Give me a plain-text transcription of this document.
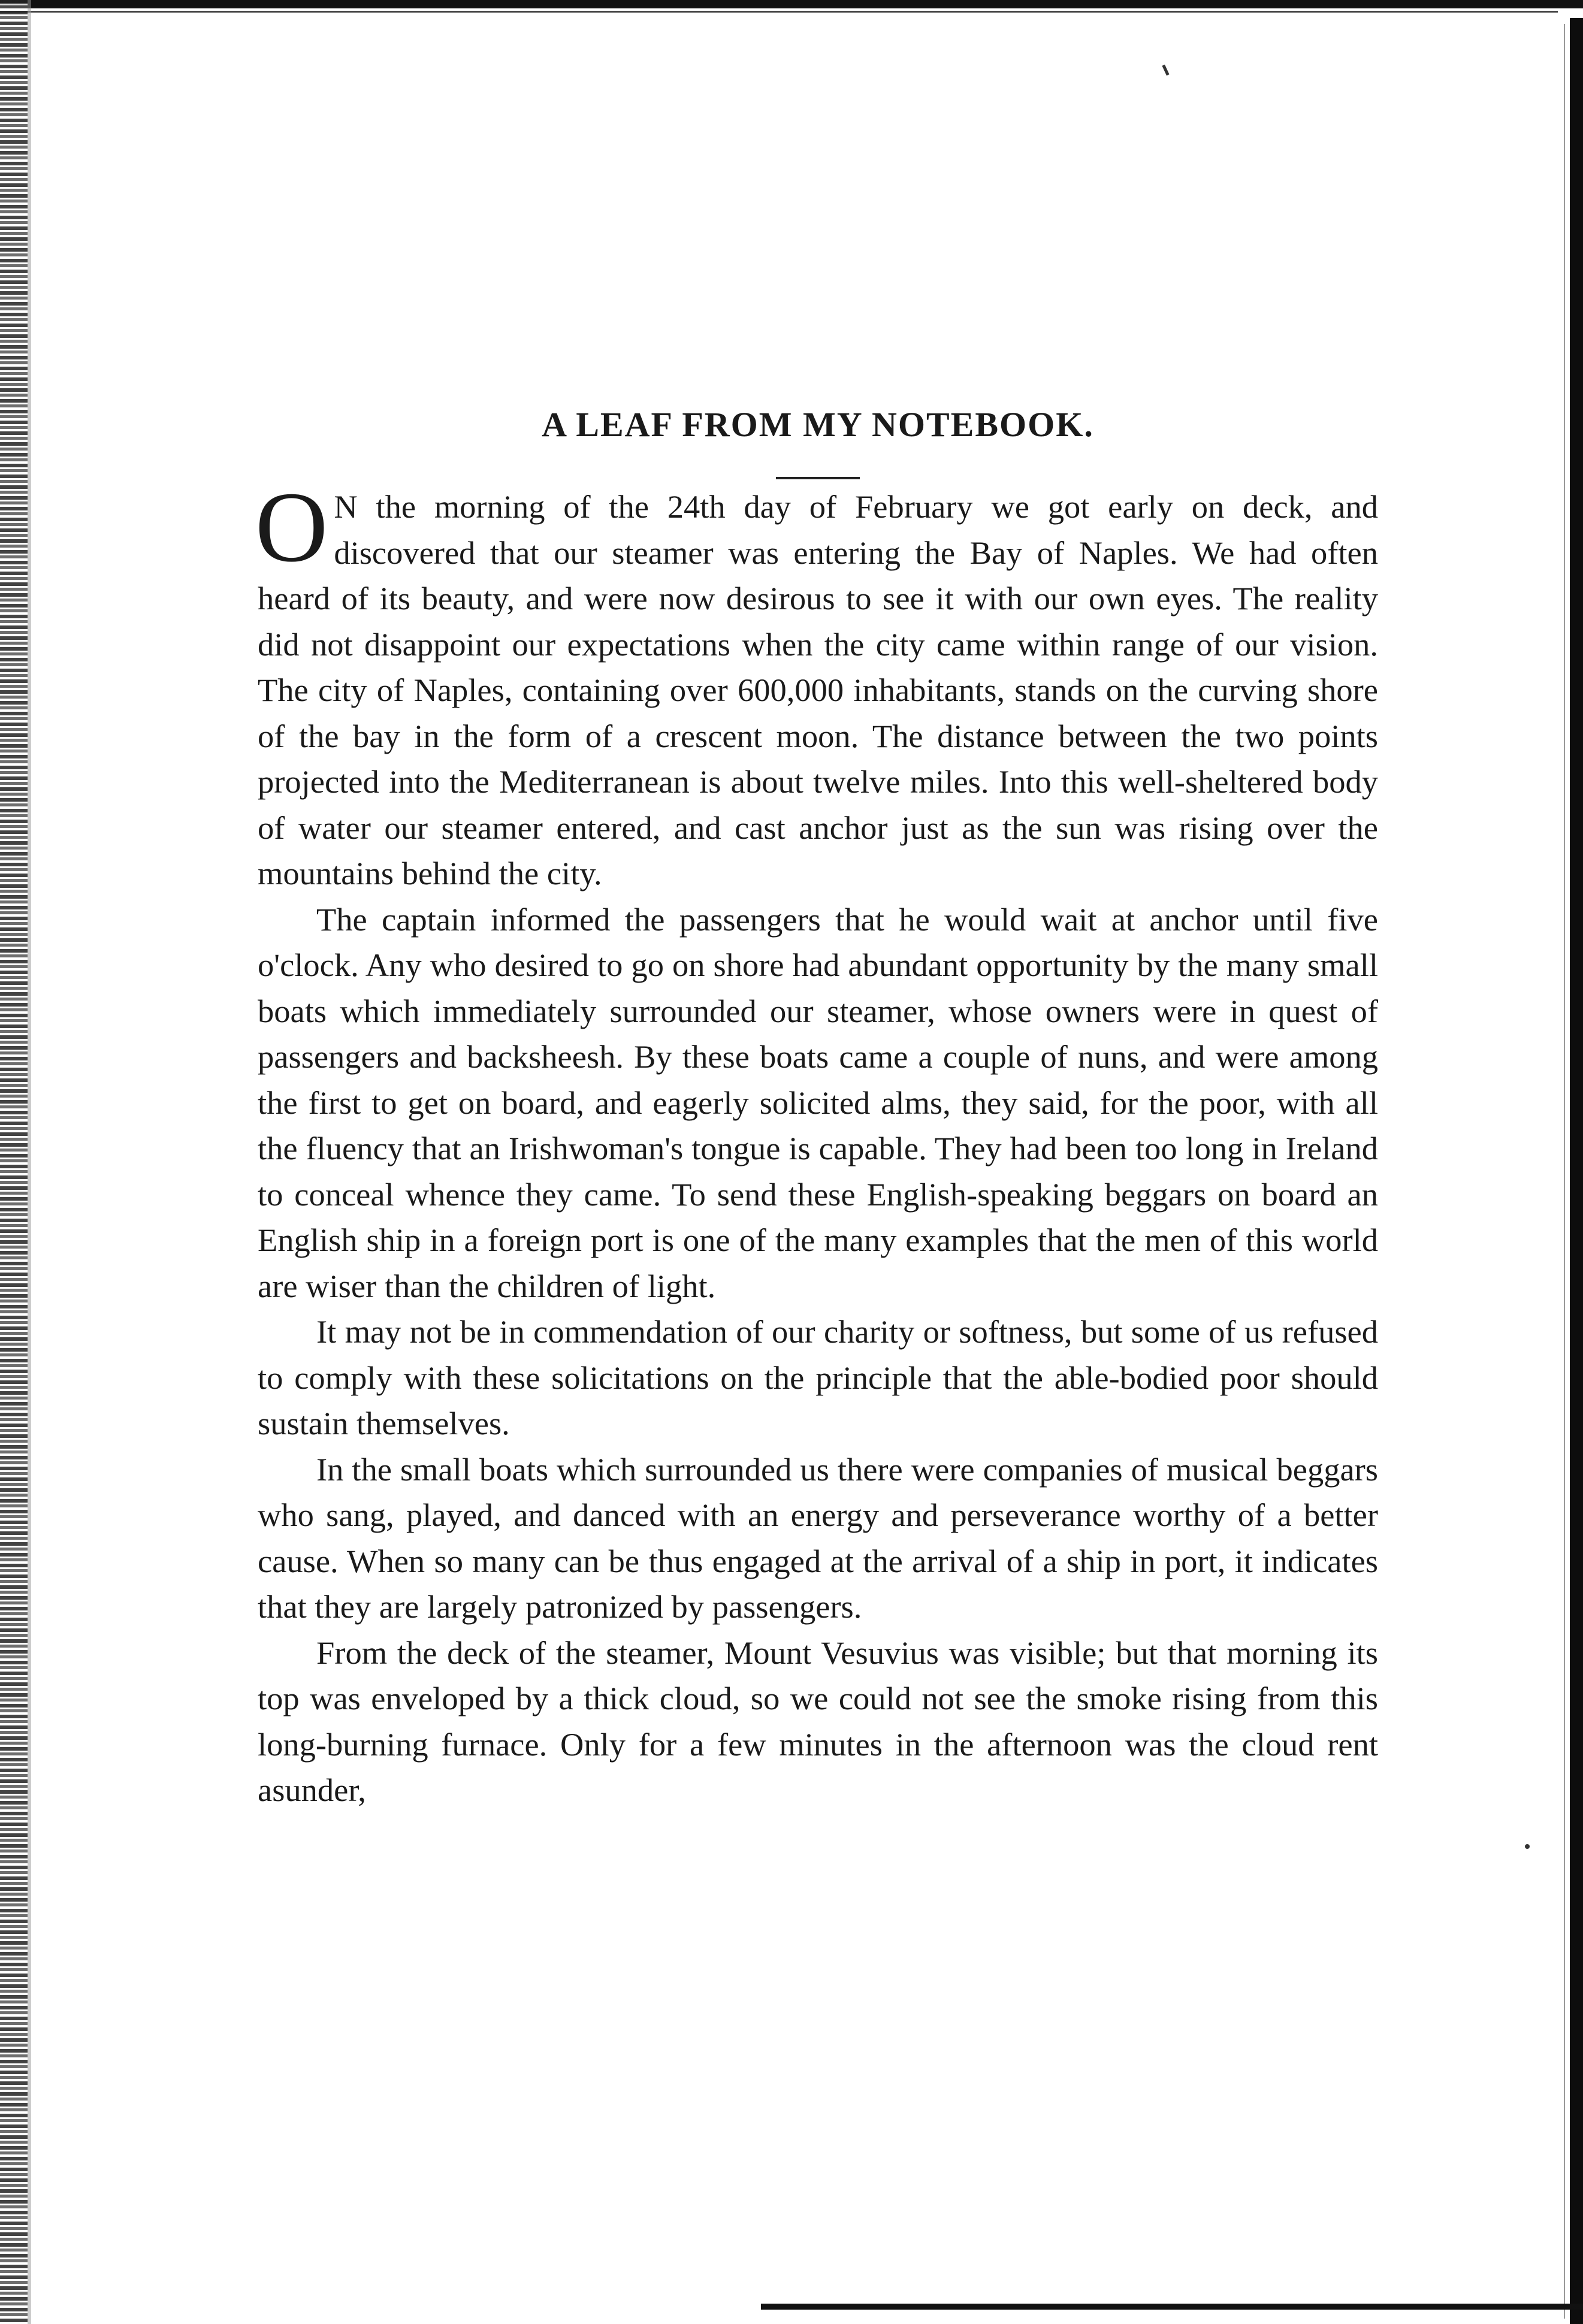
A LEAF FROM MY NOTEBOOK.

O N the morning of the 24th day of February we got early on deck, and discovered that our steamer was entering the Bay of Naples. We had often heard of its beauty, and were now desirous to see it with our own eyes. The reality did not disappoint our expectations when the city came within range of our vision. The city of Naples, containing over 600,000 inhabitants, stands on the curving shore of the bay in the form of a crescent moon. The distance between the two points projected into the Mediterranean is about twelve miles. Into this well-sheltered body of water our steamer entered, and cast anchor just as the sun was rising over the mountains behind the city.

The captain informed the passengers that he would wait at anchor until five o'clock. Any who desired to go on shore had abundant opportunity by the many small boats which immediately surrounded our steamer, whose owners were in quest of passengers and backsheesh. By these boats came a couple of nuns, and were among the first to get on board, and eagerly solicited alms, they said, for the poor, with all the fluency that an Irishwoman's tongue is capable. They had been too long in Ireland to conceal whence they came. To send these English-speaking beggars on board an English ship in a foreign port is one of the many examples that the men of this world are wiser than the children of light.

It may not be in commendation of our charity or softness, but some of us refused to comply with these solicitations on the principle that the able-bodied poor should sustain themselves.

In the small boats which surrounded us there were companies of musical beggars who sang, played, and danced with an energy and perseverance worthy of a better cause. When so many can be thus engaged at the arrival of a ship in port, it indicates that they are largely patronized by passengers.

From the deck of the steamer, Mount Vesuvius was visible; but that morning its top was enveloped by a thick cloud, so we could not see the smoke rising from this long-burning furnace. Only for a few minutes in the afternoon was the cloud rent asunder,
